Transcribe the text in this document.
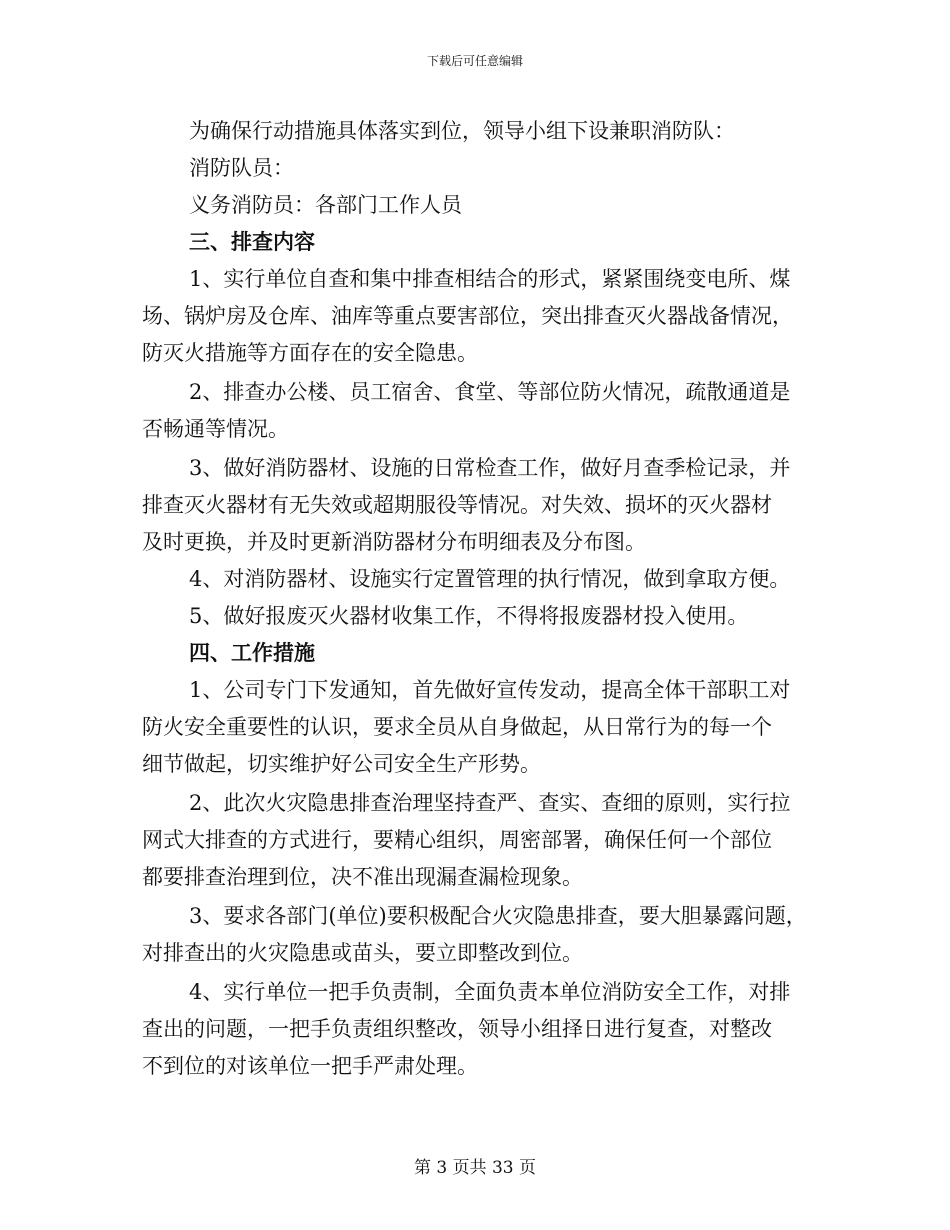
下载后可任意编辑
为确保行动措施具体落实到位，领导小组下设兼职消防队：
消防队员：
义务消防员：各部门工作人员
三、排查内容
1、实行单位自查和集中排查相结合的形式，紧紧围绕变电所、煤
场、锅炉房及仓库、油库等重点要害部位，突出排查灭火器战备情况，
防灭火措施等方面存在的安全隐患。
2、排查办公楼、员工宿舍、食堂、等部位防火情况，疏散通道是
否畅通等情况。
3、做好消防器材、设施的日常检查工作，做好月查季检记录，并
排查灭火器材有无失效或超期服役等情况。对失效、损坏的灭火器材
及时更换，并及时更新消防器材分布明细表及分布图。
4、对消防器材、设施实行定置管理的执行情况，做到拿取方便。
5、做好报废灭火器材收集工作，不得将报废器材投入使用。
四、工作措施
1、公司专门下发通知，首先做好宣传发动，提高全体干部职工对
防火安全重要性的认识，要求全员从自身做起，从日常行为的每一个
细节做起，切实维护好公司安全生产形势。
2、此次火灾隐患排查治理坚持查严、查实、查细的原则，实行拉
网式大排查的方式进行，要精心组织，周密部署，确保任何一个部位
都要排查治理到位，决不准出现漏查漏检现象。
3、要求各部门(单位)要积极配合火灾隐患排查，要大胆暴露问题，
对排查出的火灾隐患或苗头，要立即整改到位。
4、实行单位一把手负责制，全面负责本单位消防安全工作，对排
查出的问题，一把手负责组织整改，领导小组择日进行复查，对整改
不到位的对该单位一把手严肃处理。
第 3 页共 33 页
